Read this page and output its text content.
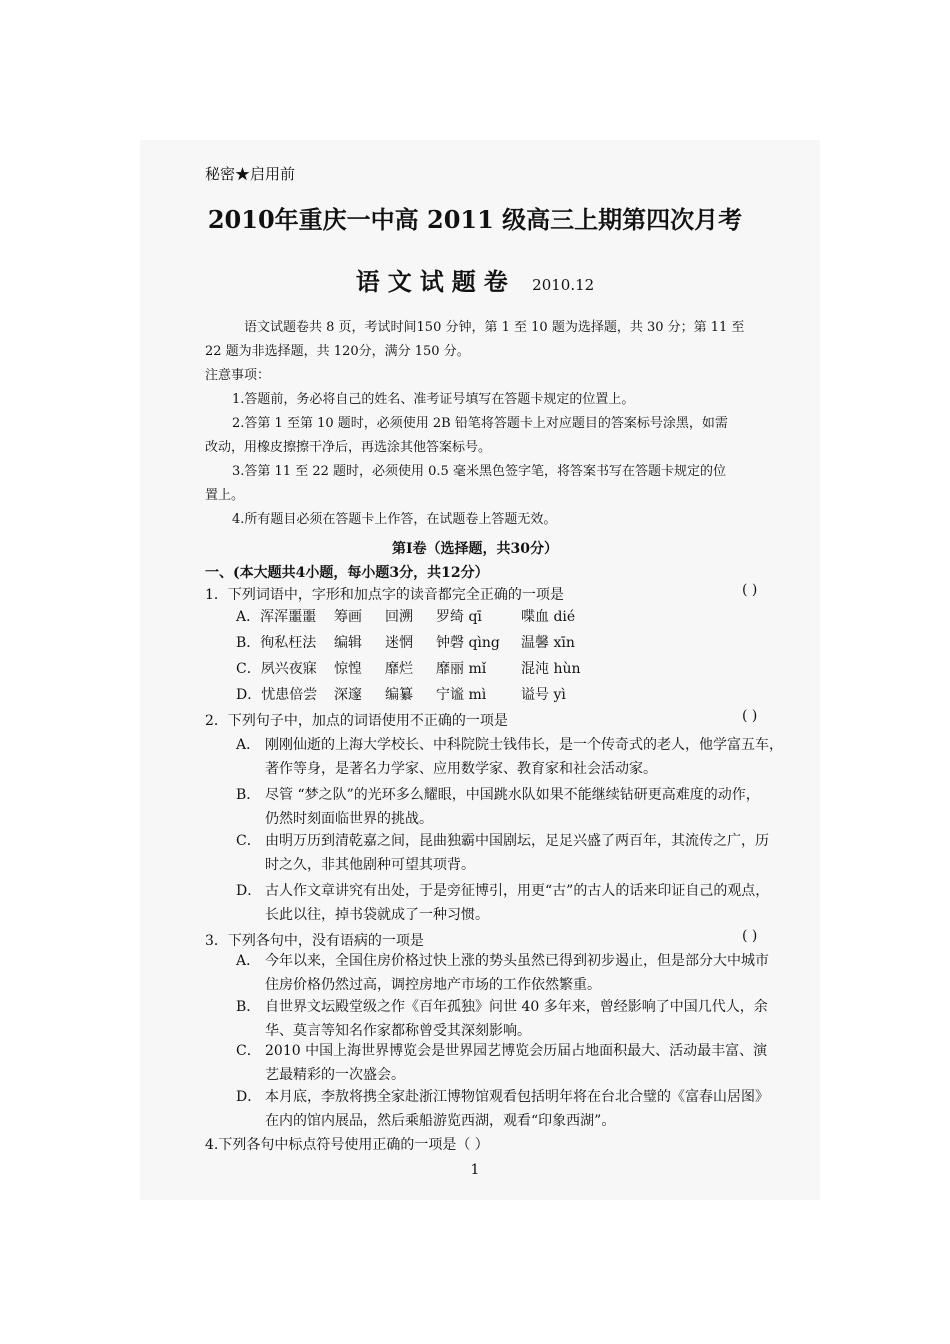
秘密★启用前
2010年重庆一中高 2011 级高三上期第四次月考
语文试题卷 2010.12
语文试题卷共 8 页，考试时间150 分钟，第 1 至 10 题为选择题，共 30 分；第 11 至
22 题为非选择题，共 120分，满分 150 分。
注意事项：
1.答题前，务必将自己的姓名、准考证号填写在答题卡规定的位置上。
2.答第 1 至第 10 题时，必须使用 2B 铅笔将答题卡上对应题目的答案标号涂黑，如需
改动，用橡皮擦擦干净后，再选涂其他答案标号。
3.答第 11 至 22 题时，必须使用 0.5 毫米黑色签字笔，将答案书写在答题卡规定的位
置上。
4.所有题目必须在答题卡上作答，在试题卷上答题无效。
第Ⅰ卷（选择题，共30分）
一、(本大题共4小题，每小题3分，共12分）
1．下列词语中，字形和加点字的读音都完全正确的一项是	( )
A．浑浑噩噩 筹画 回溯 罗绮 qī	喋血 dié
B．徇私枉法 编辑 迷惘 钟磬 qìng 温馨 xīn
C．夙兴夜寐 惊惶 靡烂 靡丽 mǐ 混沌 hùn
D．忧患倍尝 深邃 编纂 宁谧 mì 谥号 yì
2．下列句子中，加点的词语使用不正确的一项是	( )
A． 刚刚仙逝的上海大学校长、中科院院士钱伟长，是一个传奇式的老人，他学富五车，
著作等身，是著名力学家、应用数学家、教育家和社会活动家。
B． 尽管 “梦之队”的光环多么耀眼，中国跳水队如果不能继续钻研更高难度的动作，
仍然时刻面临世界的挑战。
C． 由明万历到清乾嘉之间，昆曲独霸中国剧坛，足足兴盛了两百年，其流传之广，历
时之久，非其他剧种可望其项背。
D． 古人作文章讲究有出处，于是旁征博引，用更“古”的古人的话来印证自己的观点，
长此以往，掉书袋就成了一种习惯。
3．下列各句中，没有语病的一项是	( )
A． 今年以来，全国住房价格过快上涨的势头虽然已得到初步遏止，但是部分大中城市
住房价格仍然过高，调控房地产市场的工作依然繁重。
B． 自世界文坛殿堂级之作《百年孤独》问世 40 多年来，曾经影响了中国几代人，余
华、莫言等知名作家都称曾受其深刻影响。
C． 2010 中国上海世界博览会是世界园艺博览会历届占地面积最大、活动最丰富、演
艺最精彩的一次盛会。
D． 本月底，李敖将携全家赴浙江博物馆观看包括明年将在台北合璧的《富春山居图》
在内的馆内展品，然后乘船游览西湖，观看“印象西湖”。
4.下列各句中标点符号使用正确的一项是（ ）
1
